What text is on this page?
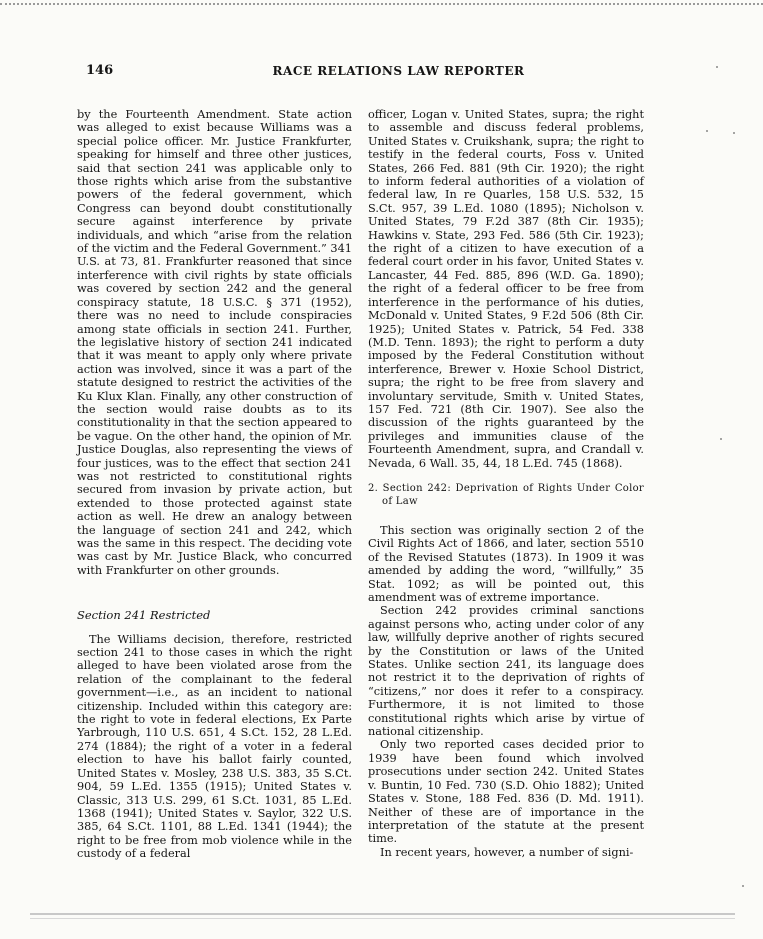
146	RACE RELATIONS LAW REPORTER

by the Fourteenth Amendment. State action was alleged to exist because Williams was a special police officer. Mr. Justice Frankfurter, speaking for himself and three other justices, said that section 241 was applicable only to those rights which arise from the substantive powers of the federal government, which Congress can beyond doubt constitutionally secure against interference by private individuals, and which “arise from the relation of the victim and the Federal Government.” 341 U.S. at 73, 81. Frankfurter reasoned that since interference with civil rights by state officials was covered by section 242 and the general conspiracy statute, 18 U.S.C. § 371 (1952), there was no need to include conspiracies among state officials in section 241. Further, the legislative history of section 241 indicated that it was meant to apply only where private action was involved, since it was a part of the statute designed to restrict the activities of the Ku Klux Klan. Finally, any other construction of the section would raise doubts as to its constitutionality in that the section appeared to be vague. On the other hand, the opinion of Mr. Justice Douglas, also representing the views of four justices, was to the effect that section 241 was not restricted to constitutional rights secured from invasion by private action, but extended to those protected against state action as well. He drew an analogy between the language of section 241 and 242, which was the same in this respect. The deciding vote was cast by Mr. Justice Black, who concurred with Frankfurter on other grounds.

Section 241 Restricted

The Williams decision, therefore, restricted section 241 to those cases in which the right alleged to have been violated arose from the relation of the complainant to the federal government—i.e., as an incident to national citizenship. Included within this category are: the right to vote in federal elections, Ex Parte Yarbrough, 110 U.S. 651, 4 S.Ct. 152, 28 L.Ed. 274 (1884); the right of a voter in a federal election to have his ballot fairly counted, United States v. Mosley, 238 U.S. 383, 35 S.Ct. 904, 59 L.Ed. 1355 (1915); United States v. Classic, 313 U.S. 299, 61 S.Ct. 1031, 85 L.Ed. 1368 (1941); United States v. Saylor, 322 U.S. 385, 64 S.Ct. 1101, 88 L.Ed. 1341 (1944); the right to be free from mob violence while in the custody of a federal

officer, Logan v. United States, supra; the right to assemble and discuss federal problems, United States v. Cruikshank, supra; the right to testify in the federal courts, Foss v. United States, 266 Fed. 881 (9th Cir. 1920); the right to inform federal authorities of a violation of federal law, In re Quarles, 158 U.S. 532, 15 S.Ct. 957, 39 L.Ed. 1080 (1895); Nicholson v. United States, 79 F.2d 387 (8th Cir. 1935); Hawkins v. State, 293 Fed. 586 (5th Cir. 1923); the right of a citizen to have execution of a federal court order in his favor, United States v. Lancaster, 44 Fed. 885, 896 (W.D. Ga. 1890); the right of a federal officer to be free from interference in the performance of his duties, McDonald v. United States, 9 F.2d 506 (8th Cir. 1925); United States v. Patrick, 54 Fed. 338 (M.D. Tenn. 1893); the right to perform a duty imposed by the Federal Constitution without interference, Brewer v. Hoxie School District, supra; the right to be free from slavery and involuntary servitude, Smith v. United States, 157 Fed. 721 (8th Cir. 1907). See also the discussion of the rights guaranteed by the privileges and immunities clause of the Fourteenth Amendment, supra, and Crandall v. Nevada, 6 Wall. 35, 44, 18 L.Ed. 745 (1868).

2. Section 242: Deprivation of Rights Under Color of Law

This section was originally section 2 of the Civil Rights Act of 1866, and later, section 5510 of the Revised Statutes (1873). In 1909 it was amended by adding the word, “willfully,” 35 Stat. 1092; as will be pointed out, this amendment was of extreme importance.

Section 242 provides criminal sanctions against persons who, acting under color of any law, willfully deprive another of rights secured by the Constitution or laws of the United States. Unlike section 241, its language does not restrict it to the deprivation of rights of “citizens,” nor does it refer to a conspiracy. Furthermore, it is not limited to those constitutional rights which arise by virtue of national citizenship.

Only two reported cases decided prior to 1939 have been found which involved prosecutions under section 242. United States v. Buntin, 10 Fed. 730 (S.D. Ohio 1882); United States v. Stone, 188 Fed. 836 (D. Md. 1911). Neither of these are of importance in the interpretation of the statute at the present time.

In recent years, however, a number of signi-
